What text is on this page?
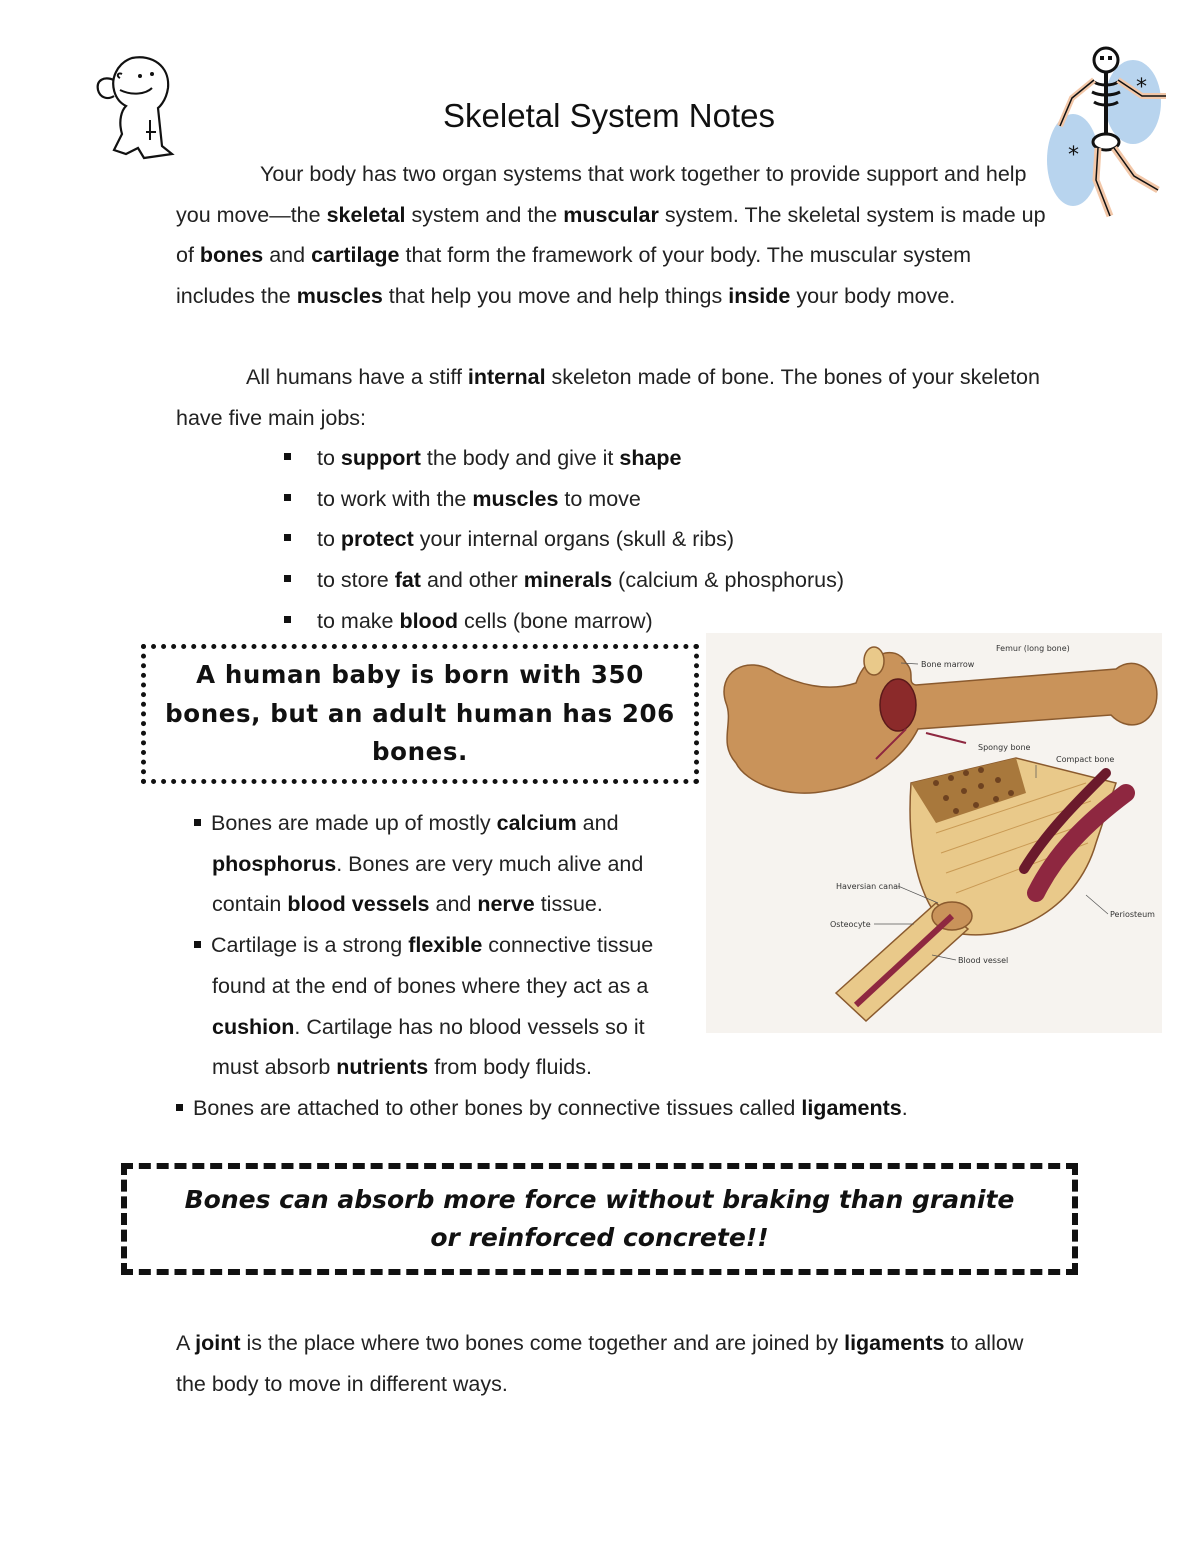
*
*
Skeletal System Notes
Your body has two organ systems that work together to provide support and help you move—the skeletal system and the muscular system. The skeletal system is made up of bones and cartilage that form the framework of your body. The muscular system includes the muscles that help you move and help things inside your body move.
All humans have a stiff internal skeleton made of bone. The bones of your skeleton have five main jobs:
to support the body and give it shape
to work with the muscles to move
to protect your internal organs (skull & ribs)
to store fat and other minerals (calcium & phosphorus)
to make blood cells (bone marrow)
A human baby is born with 350 bones, but an adult human has 206 bones.
Femur (long bone)
Bone marrow
Spongy bone
Compact bone
Haversian canal
Osteocyte
Blood vessel
Periosteum
Bones are made up of mostly calcium and phosphorus. Bones are very much alive and contain blood vessels and nerve tissue.
Cartilage is a strong flexible connective tissue found at the end of bones where they act as a cushion. Cartilage has no blood vessels so it must absorb nutrients from body fluids.
Bones are attached to other bones by connective tissues called ligaments.
Bones can absorb more force without braking than granite or reinforced concrete!!
A joint is the place where two bones come together and are joined by ligaments to allow the body to move in different ways.
